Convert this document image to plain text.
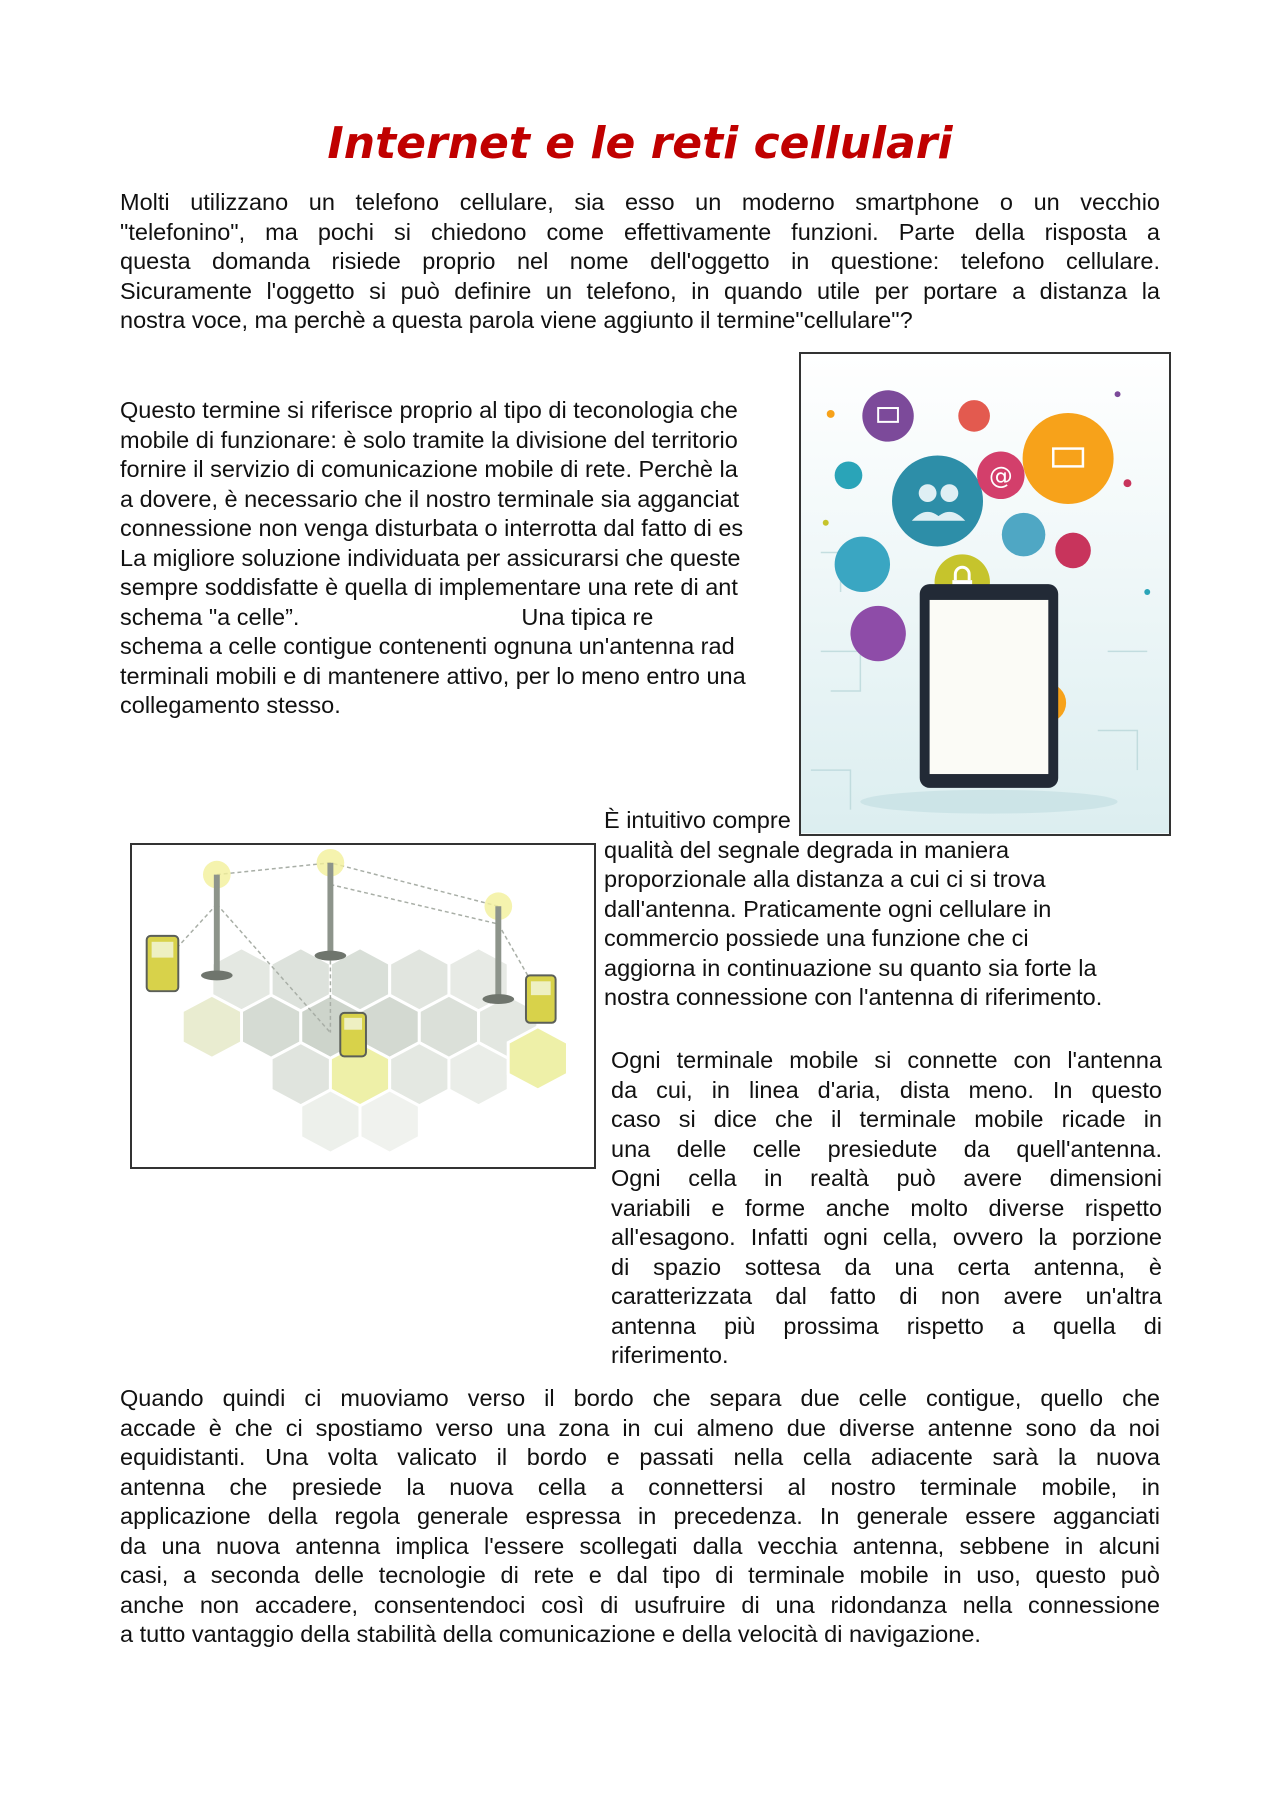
Internet e le reti cellulari
Molti utilizzano un telefono cellulare, sia esso un moderno smartphone o un vecchio
"telefonino", ma pochi si chiedono come effettivamente funzioni. Parte della risposta a
questa domanda risiede proprio nel nome dell'oggetto in questione: telefono cellulare.
Sicuramente l'oggetto si può definire un telefono, in quando utile per portare a distanza la
nostra voce, ma perchè a questa parola viene aggiunto il termine"cellulare"?
Questo termine si riferisce proprio al tipo di teconologia che
mobile di funzionare: è solo tramite la divisione del territorio
fornire il servizio di comunicazione mobile di rete. Perchè la
a dovere, è necessario che il nostro terminale sia agganciat
connessione non venga disturbata o interrotta dal fatto di es
La migliore soluzione individuata per assicurarsi che queste
sempre soddisfatte è quella di implementare una rete di ant
schema "a celle”.                                  Una tipica re
schema a celle contigue contenenti ognuna un'antenna rad
terminali mobili e di mantenere attivo, per lo meno entro una
collegamento stesso.
@
È intuitivo compre
qualità del segnale degrada in maniera
proporzionale alla distanza a cui ci si trova
dall'antenna. Praticamente ogni cellulare in
commercio possiede una funzione che ci
aggiorna in continuazione su quanto sia forte la
nostra connessione con l'antenna di riferimento.
Ogni terminale mobile si connette con l'antenna
da cui, in linea d'aria, dista meno. In questo
caso si dice che il terminale mobile ricade in
una delle celle presiedute da quell'antenna.
Ogni cella in realtà può avere dimensioni
variabili e forme anche molto diverse rispetto
all'esagono. Infatti ogni cella, ovvero la porzione
di spazio sottesa da una certa antenna, è
caratterizzata dal fatto di non avere un'altra
antenna più prossima rispetto a quella di
riferimento.
Quando quindi ci muoviamo verso il bordo che separa due celle contigue, quello che
accade è che ci spostiamo verso una zona in cui almeno due diverse antenne sono da noi
equidistanti. Una volta valicato il bordo e passati nella cella adiacente sarà la nuova
antenna che presiede la nuova cella a connettersi al nostro terminale mobile, in
applicazione della regola generale espressa in precedenza. In generale essere agganciati
da una nuova antenna implica l'essere scollegati dalla vecchia antenna, sebbene in alcuni
casi, a seconda delle tecnologie di rete e dal tipo di terminale mobile in uso, questo può
anche non accadere, consentendoci così di usufruire di una ridondanza nella connessione
a tutto vantaggio della stabilità della comunicazione e della velocità di navigazione.
